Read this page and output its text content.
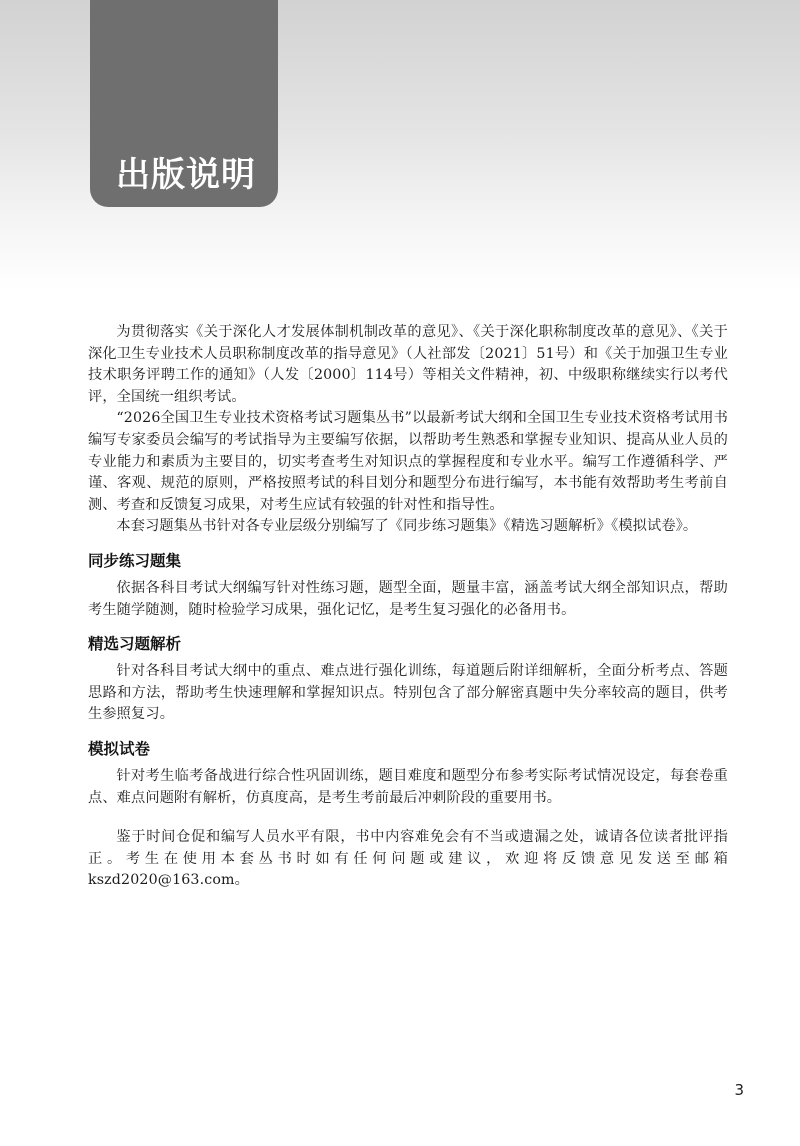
出版说明

为贯彻落实《关于深化人才发展体制机制改革的意见》、《关于深化职称制度改革的意见》、《关于深化卫生专业技术人员职称制度改革的指导意见》（人社部发〔2021〕51号）和《关于加强卫生专业技术职务评聘工作的通知》（人发〔2000〕114号）等相关文件精神，初、中级职称继续实行以考代评，全国统一组织考试。

“2026全国卫生专业技术资格考试习题集丛书”以最新考试大纲和全国卫生专业技术资格考试用书编写专家委员会编写的考试指导为主要编写依据，以帮助考生熟悉和掌握专业知识、提高从业人员的专业能力和素质为主要目的，切实考查考生对知识点的掌握程度和专业水平。编写工作遵循科学、严谨、客观、规范的原则，严格按照考试的科目划分和题型分布进行编写，本书能有效帮助考生考前自测、考查和反馈复习成果，对考生应试有较强的针对性和指导性。

本套习题集丛书针对各专业层级分别编写了《同步练习题集》《精选习题解析》《模拟试卷》。

同步练习题集

依据各科目考试大纲编写针对性练习题，题型全面，题量丰富，涵盖考试大纲全部知识点，帮助考生随学随测，随时检验学习成果，强化记忆，是考生复习强化的必备用书。

精选习题解析

针对各科目考试大纲中的重点、难点进行强化训练，每道题后附详细解析，全面分析考点、答题思路和方法，帮助考生快速理解和掌握知识点。特别包含了部分解密真题中失分率较高的题目，供考生参照复习。

模拟试卷

针对考生临考备战进行综合性巩固训练，题目难度和题型分布参考实际考试情况设定，每套卷重点、难点问题附有解析，仿真度高，是考生考前最后冲刺阶段的重要用书。

鉴于时间仓促和编写人员水平有限，书中内容难免会有不当或遗漏之处，诚请各位读者批评指正。考生在使用本套丛书时如有任何问题或建议，欢迎将反馈意见发送至邮箱kszd2020@163.com。

3
